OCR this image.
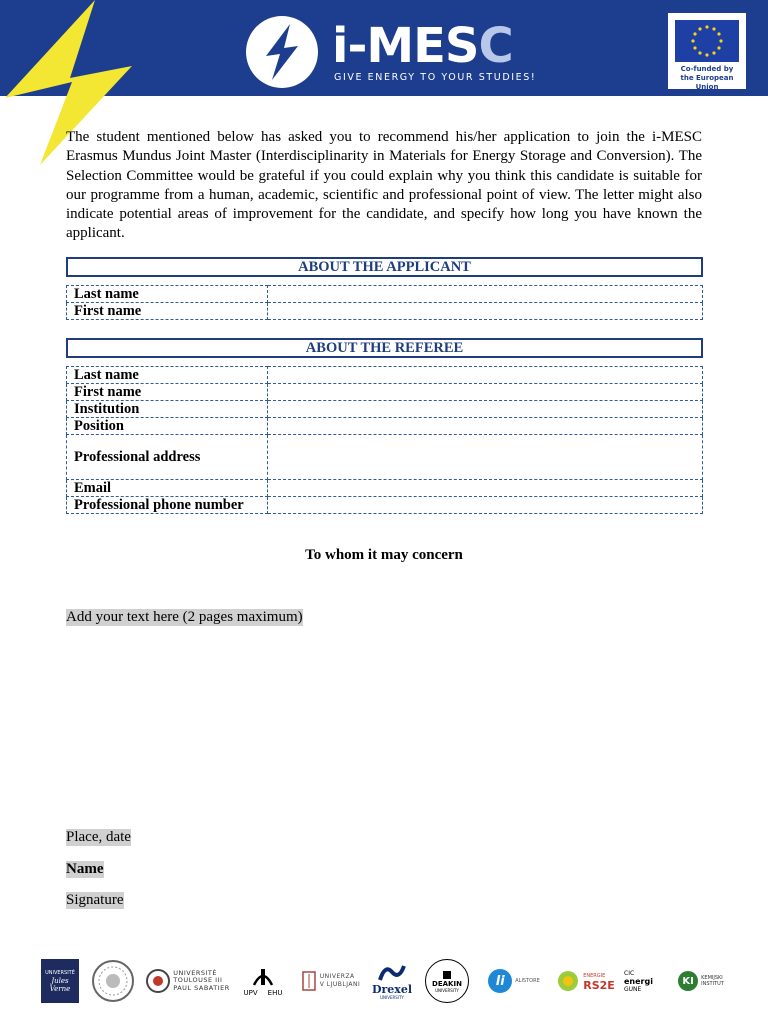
i-MESC
GIVE ENERGY TO YOUR STUDIES!
Co-funded by
the European Union

The student mentioned below has asked you to recommend his/her application to join the i-MESC Erasmus Mundus Joint Master (Interdisciplinarity in Materials for Energy Storage and Conversion). The Selection Committee would be grateful if you could explain why you think this candidate is suitable for our programme from a human, academic, scientific and professional point of view. The letter might also indicate potential areas of improvement for the candidate, and specify how long you have known the applicant.

ABOUT THE APPLICANT
Last name	
First name	
ABOUT THE REFEREE
Last name	
First name	
Institution	
Position	
Professional address	
Email	
Professional phone number	
To whom it may concern
Add your text here (2 pages maximum)
Place, date
Name
Signature
UNIVERSITÉ
Jules Verne
UNIVERSITÉ
TOULOUSE III
PAUL SABATIER
UPV EHU
UNIVERZA
V LJUBLJANI Drexel
UNIVERSITY
DEAKIN
UNIVERSITY
li	ALISTORE
ENERGIE
RS2E
CIC
energi
GUNE
KI	KEMIJSKI
INSTITUT
